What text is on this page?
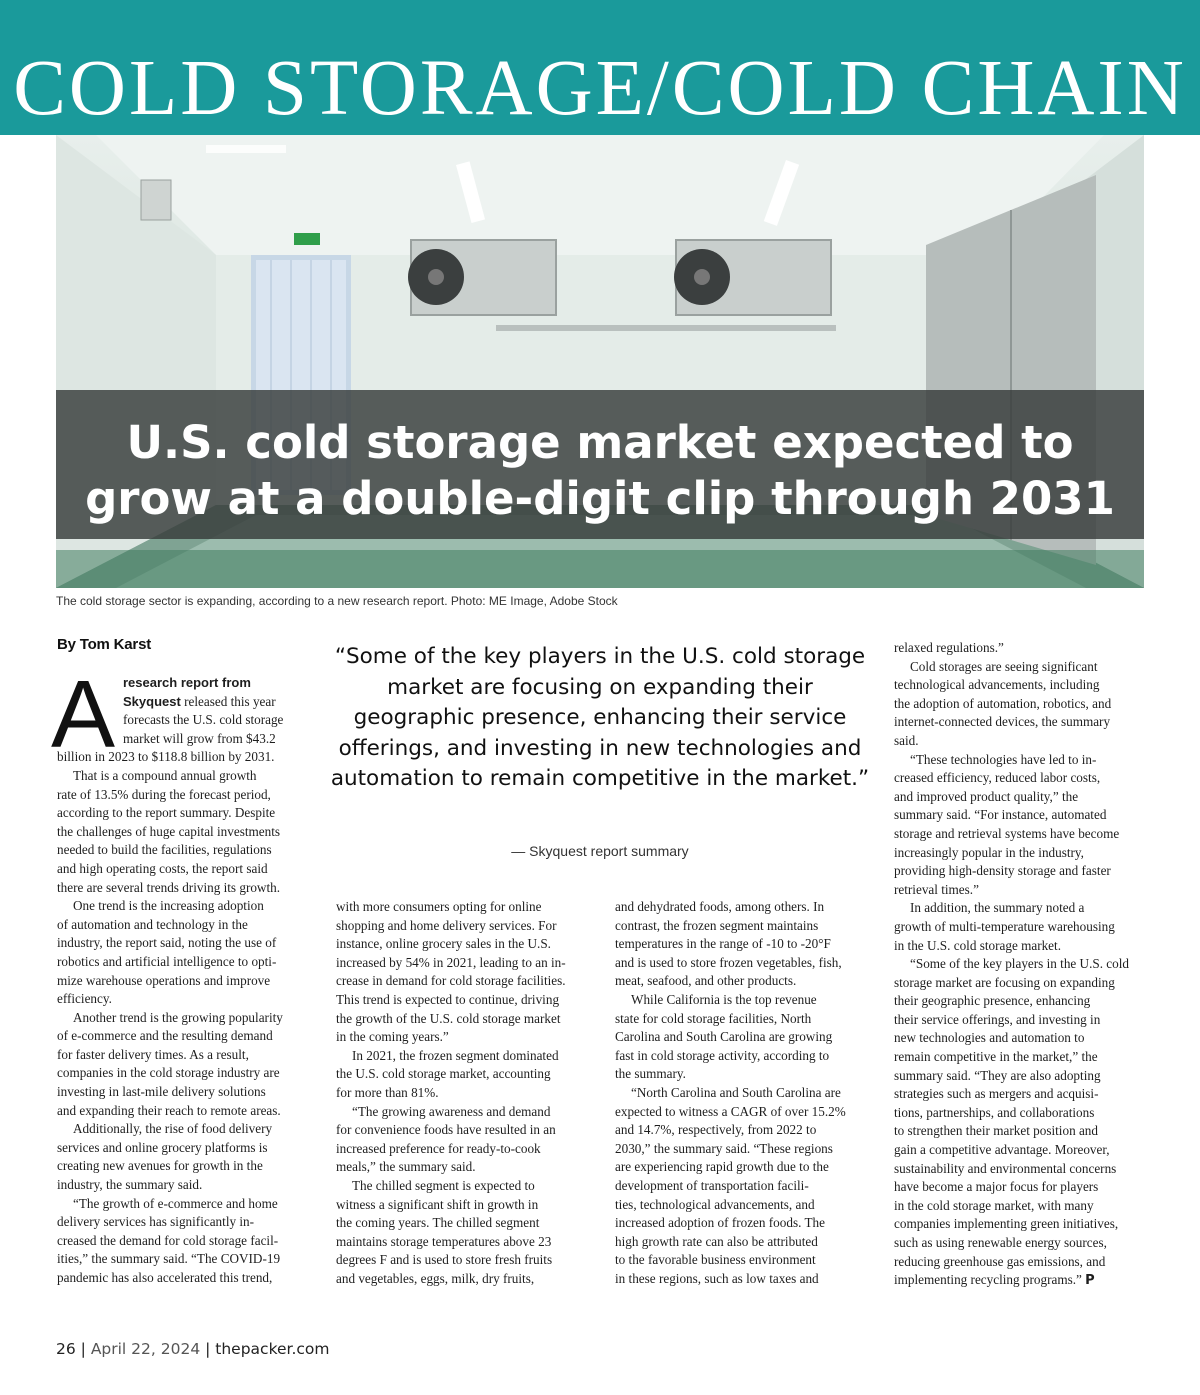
COLD STORAGE/COLD CHAIN
U.S. cold storage market expected to
grow at a double-digit clip through 2031
The cold storage sector is expanding, according to a new research report. Photo: ME Image, Adobe Stock
By Tom Karst	“Some of the key players in the U.S. cold storage market are focusing on expanding their geographic presence, enhancing their service offerings, and investing in new technologies and automation to remain competitive in the market.”
— Skyquest report summary
A research report from
Skyquest released this year
forecasts the U.S. cold storage
market will grow from $43.2
billion in 2023 to $118.8 billion by 2031.

That is a compound annual growth
rate of 13.5% during the forecast period,
according to the report summary. Despite
the challenges of huge capital investments
needed to build the facilities, regulations
and high operating costs, the report said
there are several trends driving its growth.

One trend is the increasing adoption
of automation and technology in the
industry, the report said, noting the use of
robotics and artificial intelligence to opti-
mize warehouse operations and improve
efficiency.

Another trend is the growing popularity
of e-commerce and the resulting demand
for faster delivery times. As a result,
companies in the cold storage industry are
investing in last-mile delivery solutions
and expanding their reach to remote areas.

Additionally, the rise of food delivery
services and online grocery platforms is
creating new avenues for growth in the
industry, the summary said.

“The growth of e-commerce and home
delivery services has significantly in-
creased the demand for cold storage facil-
ities,” the summary said. “The COVID-19
pandemic has also accelerated this trend,

with more consumers opting for online
shopping and home delivery services. For
instance, online grocery sales in the U.S.
increased by 54% in 2021, leading to an in-
crease in demand for cold storage facilities.
This trend is expected to continue, driving
the growth of the U.S. cold storage market
in the coming years.”

In 2021, the frozen segment dominated
the U.S. cold storage market, accounting
for more than 81%.

“The growing awareness and demand
for convenience foods have resulted in an
increased preference for ready-to-cook
meals,” the summary said.

The chilled segment is expected to
witness a significant shift in growth in
the coming years. The chilled segment
maintains storage temperatures above 23
degrees F and is used to store fresh fruits
and vegetables, eggs, milk, dry fruits,

and dehydrated foods, among others. In
contrast, the frozen segment maintains
temperatures in the range of -10 to -20°F
and is used to store frozen vegetables, fish,
meat, seafood, and other products.

While California is the top revenue
state for cold storage facilities, North
Carolina and South Carolina are growing
fast in cold storage activity, according to
the summary.

“North Carolina and South Carolina are
expected to witness a CAGR of over 15.2%
and 14.7%, respectively, from 2022 to
2030,” the summary said. “These regions
are experiencing rapid growth due to the
development of transportation facili-
ties, technological advancements, and
increased adoption of frozen foods. The
high growth rate can also be attributed
to the favorable business environment
in these regions, such as low taxes and

relaxed regulations.”

Cold storages are seeing significant
technological advancements, including
the adoption of automation, robotics, and
internet-connected devices, the summary
said.

“These technologies have led to in-
creased efficiency, reduced labor costs,
and improved product quality,” the
summary said. “For instance, automated
storage and retrieval systems have become
increasingly popular in the industry,
providing high-density storage and faster
retrieval times.”

In addition, the summary noted a
growth of multi-temperature warehousing
in the U.S. cold storage market.

“Some of the key players in the U.S. cold
storage market are focusing on expanding
their geographic presence, enhancing
their service offerings, and investing in
new technologies and automation to
remain competitive in the market,” the
summary said. “They are also adopting
strategies such as mergers and acquisi-
tions, partnerships, and collaborations
to strengthen their market position and
gain a competitive advantage. Moreover,
sustainability and environmental concerns
have become a major focus for players
in the cold storage market, with many
companies implementing green initiatives,
such as using renewable energy sources,
reducing greenhouse gas emissions, and
implementing recycling programs.” P

26 | April 22, 2024 | thepacker.com
